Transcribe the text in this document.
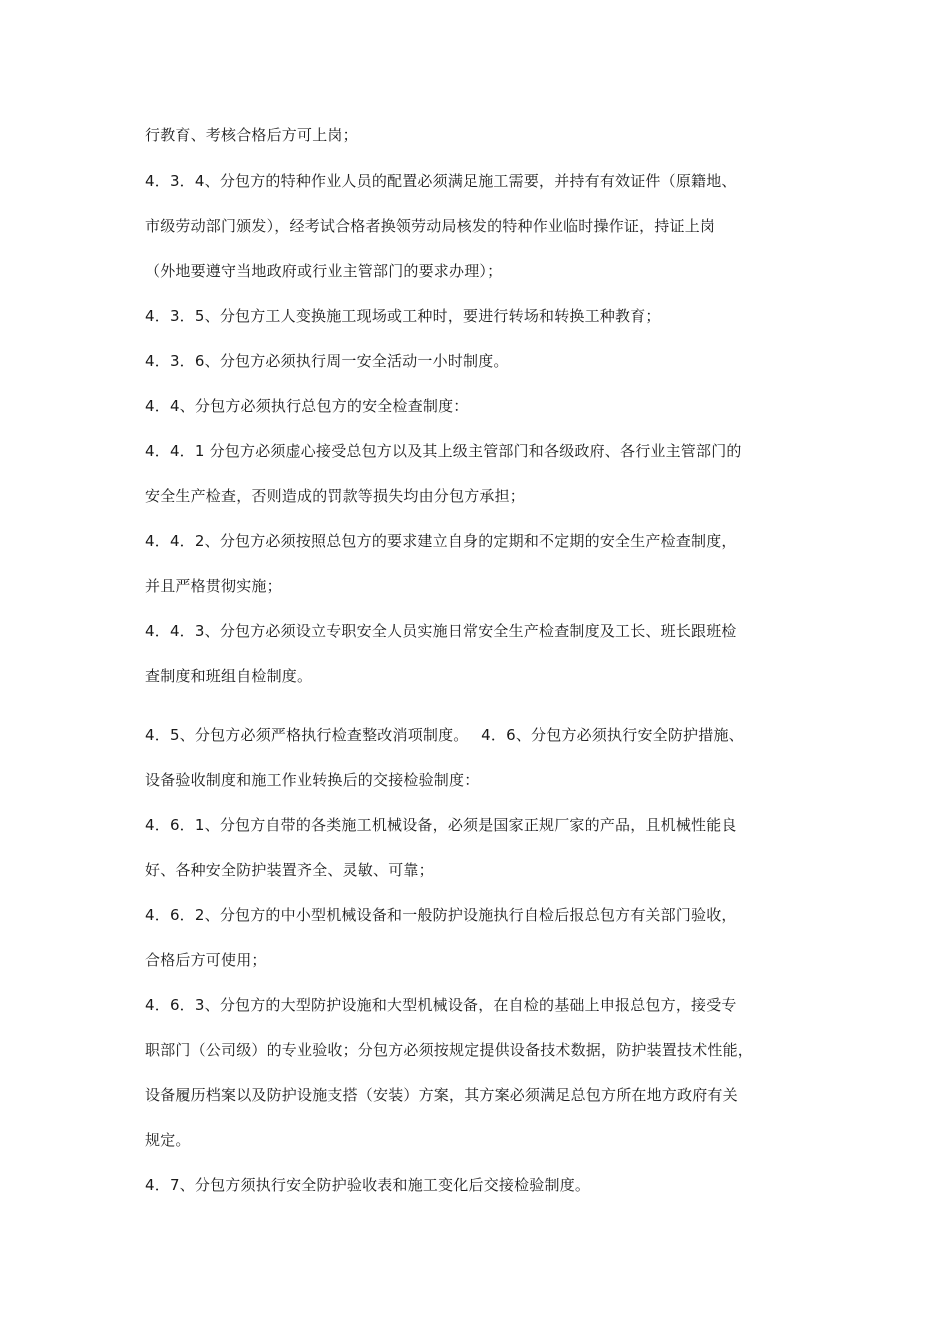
行教育、考核合格后方可上岗；
4．3．4、分包方的特种作业人员的配置必须满足施工需要，并持有有效证件（原籍地、
市级劳动部门颁发），经考试合格者换领劳动局核发的特种作业临时操作证，持证上岗
（外地要遵守当地政府或行业主管部门的要求办理）；
4．3．5、分包方工人变换施工现场或工种时，要进行转场和转换工种教育；
4．3．6、分包方必须执行周一安全活动一小时制度。
4．4、分包方必须执行总包方的安全检查制度：
4．4．1 分包方必须虚心接受总包方以及其上级主管部门和各级政府、各行业主管部门的
安全生产检查，否则造成的罚款等损失均由分包方承担；
4．4．2、分包方必须按照总包方的要求建立自身的定期和不定期的安全生产检查制度，
并且严格贯彻实施；
4．4．3、分包方必须设立专职安全人员实施日常安全生产检查制度及工长、班长跟班检
查制度和班组自检制度。
4．5、分包方必须严格执行检查整改消项制度。　 4．6、分包方必须执行安全防护措施、
设备验收制度和施工作业转换后的交接检验制度：
4．6．1、分包方自带的各类施工机械设备，必须是国家正规厂家的产品，且机械性能良
好、各种安全防护装置齐全、灵敏、可靠；
4．6．2、分包方的中小型机械设备和一般防护设施执行自检后报总包方有关部门验收，
合格后方可使用；
4．6．3、分包方的大型防护设施和大型机械设备，在自检的基础上申报总包方，接受专
职部门（公司级）的专业验收；分包方必须按规定提供设备技术数据，防护装置技术性能，
设备履历档案以及防护设施支搭（安装）方案，其方案必须满足总包方所在地方政府有关
规定。
4．7、分包方须执行安全防护验收表和施工变化后交接检验制度。
